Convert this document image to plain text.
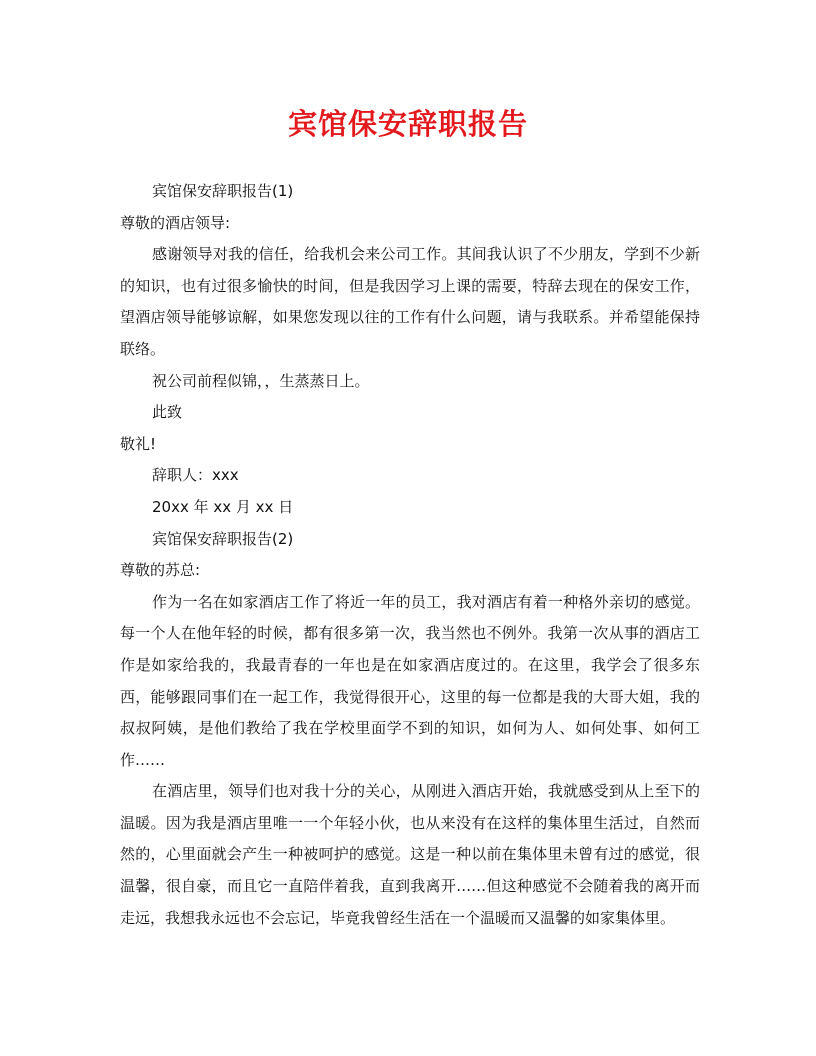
宾馆保安辞职报告

宾馆保安辞职报告(1)

尊敬的酒店领导:

感谢领导对我的信任，给我机会来公司工作。其间我认识了不少朋友，学到不少新的知识，也有过很多愉快的时间，但是我因学习上课的需要，特辞去现在的保安工作，望酒店领导能够谅解，如果您发现以往的工作有什么问题，请与我联系。并希望能保持联络。

祝公司前程似锦，，生蒸蒸日上。

此致

敬礼!

辞职人：xxx

20xx 年 xx 月 xx 日

宾馆保安辞职报告(2)

尊敬的苏总:

作为一名在如家酒店工作了将近一年的员工，我对酒店有着一种格外亲切的感觉。每一个人在他年轻的时候，都有很多第一次，我当然也不例外。我第一次从事的酒店工作是如家给我的，我最青春的一年也是在如家酒店度过的。在这里，我学会了很多东西，能够跟同事们在一起工作，我觉得很开心，这里的每一位都是我的大哥大姐，我的叔叔阿姨，是他们教给了我在学校里面学不到的知识，如何为人、如何处事、如何工作……

在酒店里，领导们也对我十分的关心，从刚进入酒店开始，我就感受到从上至下的温暖。因为我是酒店里唯一一个年轻小伙，也从来没有在这样的集体里生活过，自然而然的，心里面就会产生一种被呵护的感觉。这是一种以前在集体里未曾有过的感觉，很温馨，很自豪，而且它一直陪伴着我，直到我离开……但这种感觉不会随着我的离开而走远，我想我永远也不会忘记，毕竟我曾经生活在一个温暖而又温馨的如家集体里。
